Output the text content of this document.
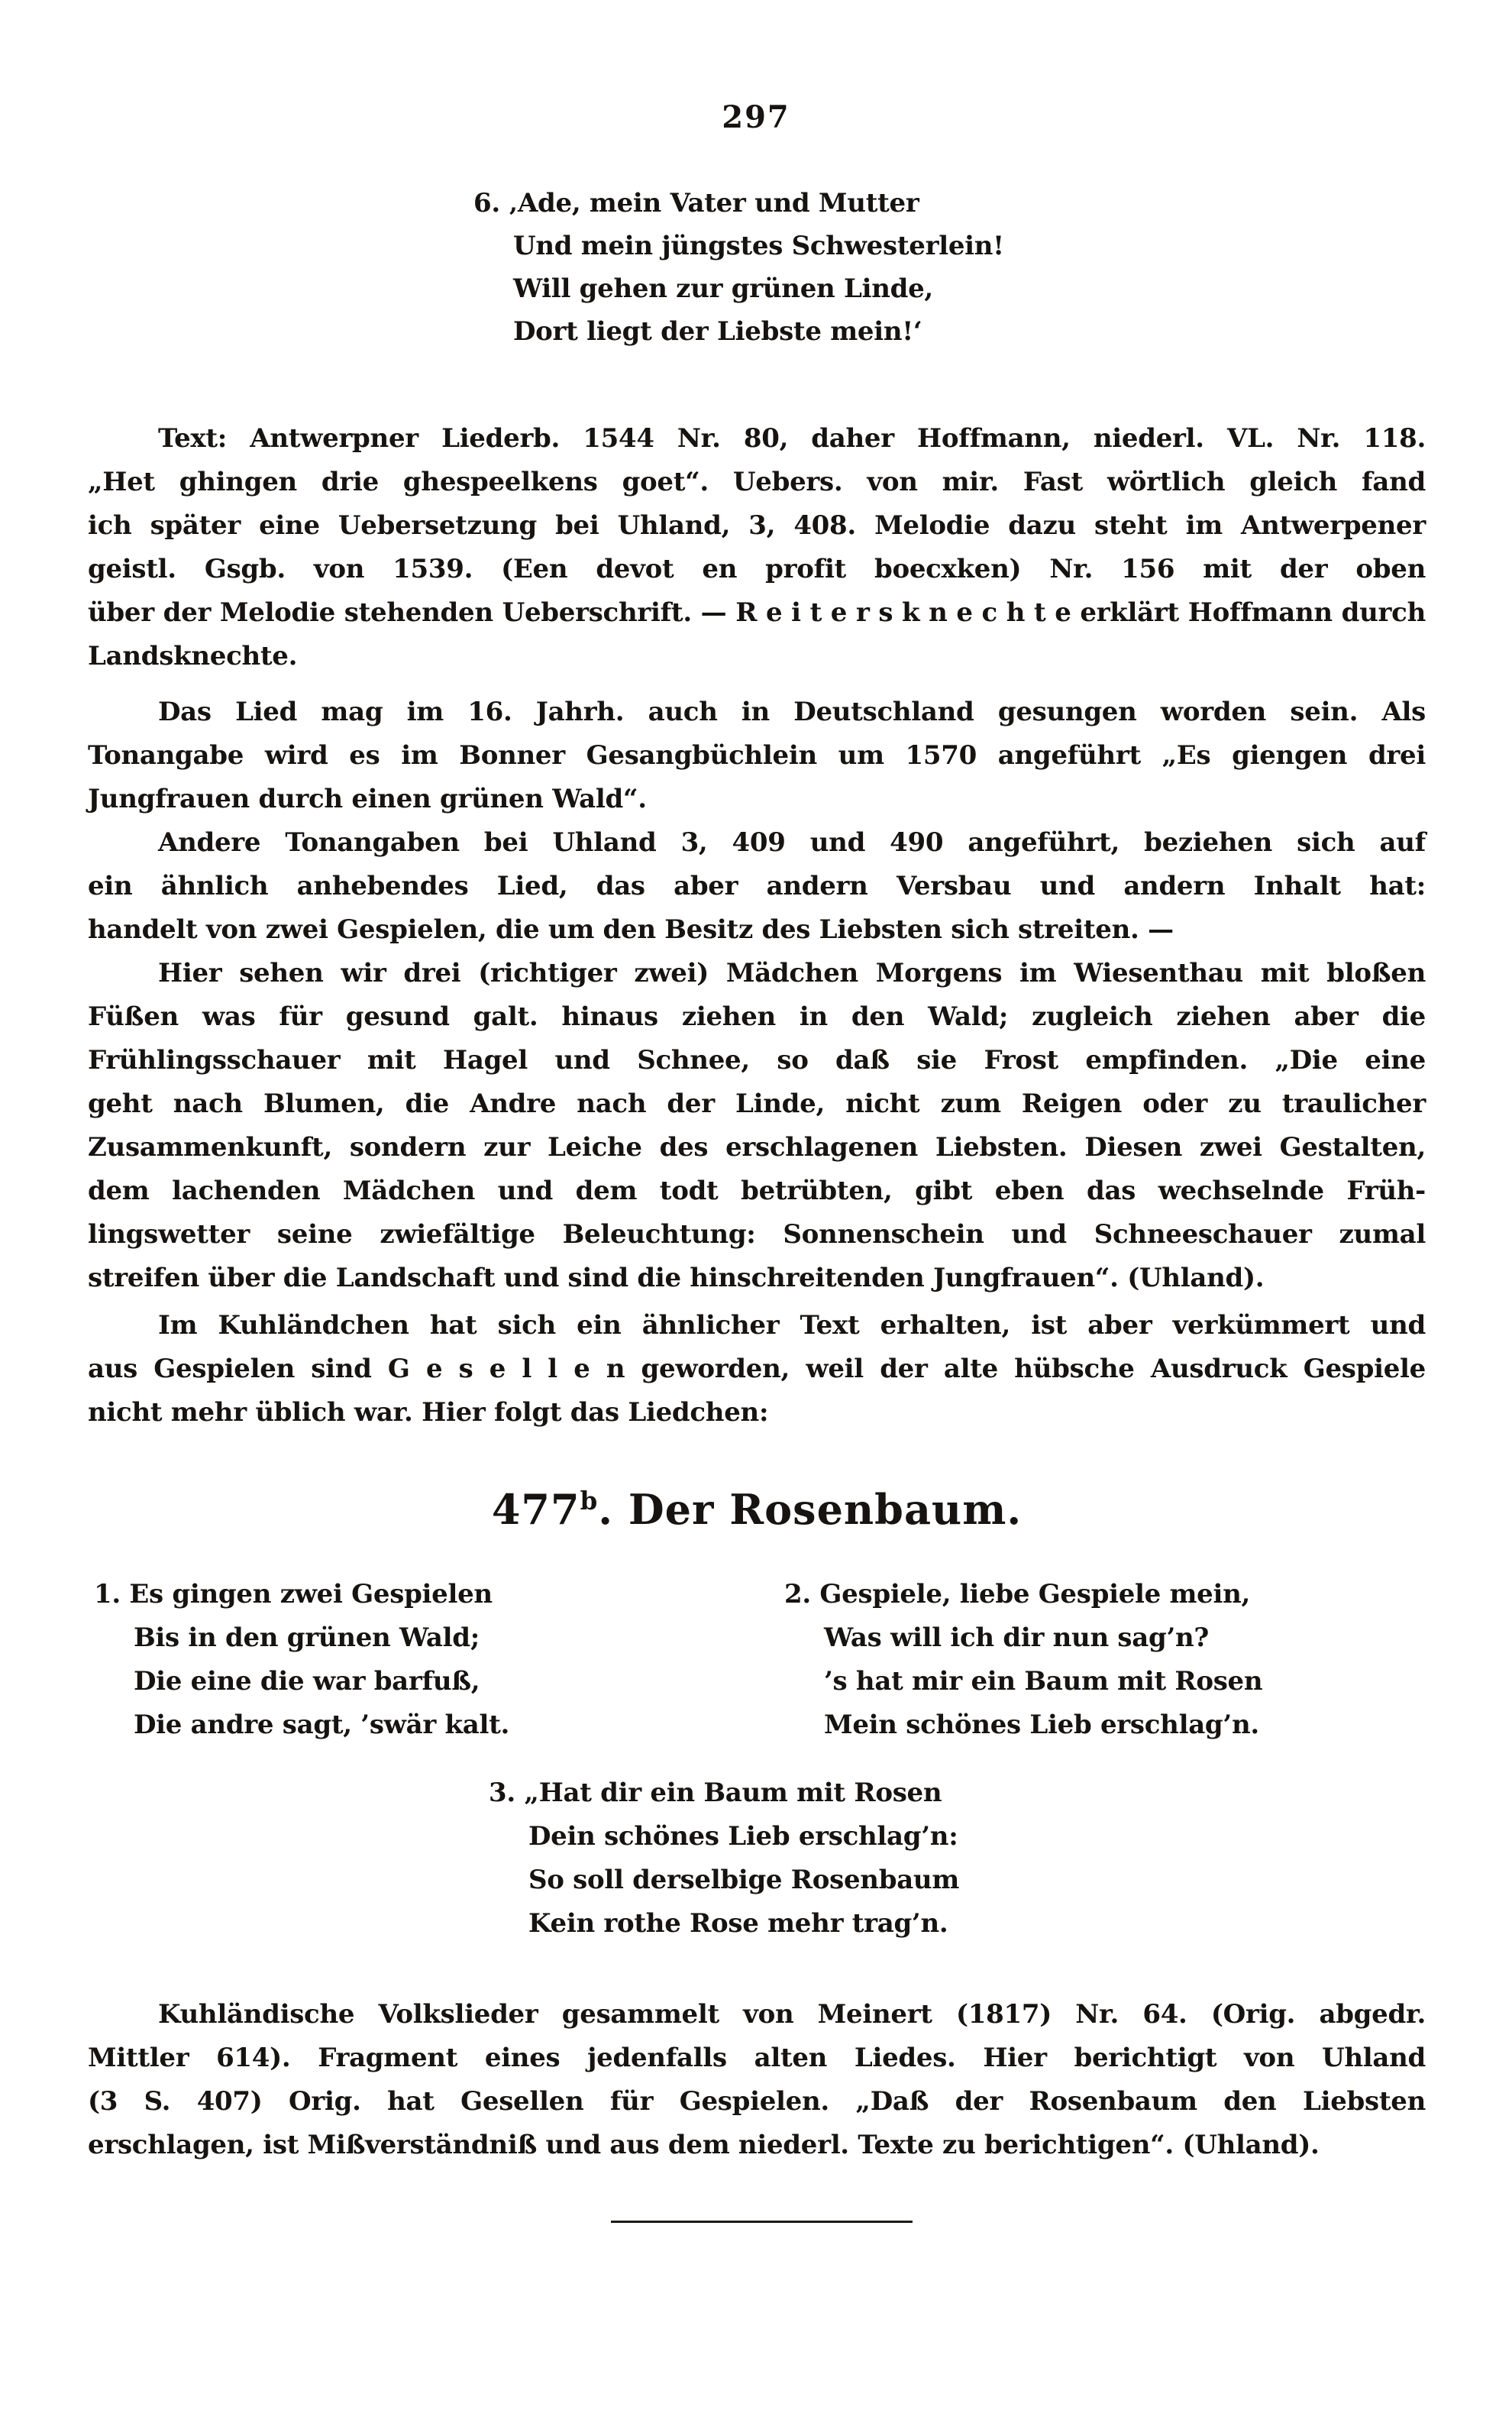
297
6. ‚Ade, mein Vater und Mutter
Und mein jüngstes Schwesterlein!
Will gehen zur grünen Linde,
Dort liegt der Liebste mein!‘
Text: Antwerpner Liederb. 1544 Nr. 80, daher Hoffmann, niederl. VL. Nr. 118.
„Het ghingen drie ghespeelkens goet“. Uebers. von mir. Fast wörtlich gleich fand
ich später eine Uebersetzung bei Uhland, 3, 408. Melodie dazu steht im Antwerpener
geistl. Gsgb. von 1539. (Een devot en profit boecxken) Nr. 156 mit der oben
über der Melodie stehenden Ueberschrift. — R e i t e r s k n e c h t e erklärt Hoffmann durch
Landsknechte.
Das Lied mag im 16. Jahrh. auch in Deutschland gesungen worden sein. Als
Tonangabe wird es im Bonner Gesangbüchlein um 1570 angeführt „Es giengen drei
Jungfrauen durch einen grünen Wald“.
Andere Tonangaben bei Uhland 3, 409 und 490 angeführt, beziehen sich auf
ein ähnlich anhebendes Lied, das aber andern Versbau und andern Inhalt hat:
handelt von zwei Gespielen, die um den Besitz des Liebsten sich streiten. —
Hier sehen wir drei (richtiger zwei) Mädchen Morgens im Wiesenthau mit bloßen
Füßen was für gesund galt. hinaus ziehen in den Wald; zugleich ziehen aber die
Frühlingsschauer mit Hagel und Schnee, so daß sie Frost empfinden. „Die eine
geht nach Blumen, die Andre nach der Linde, nicht zum Reigen oder zu traulicher
Zusammenkunft, sondern zur Leiche des erschlagenen Liebsten. Diesen zwei Gestalten,
dem lachenden Mädchen und dem todt betrübten, gibt eben das wechselnde Früh-
lingswetter seine zwiefältige Beleuchtung: Sonnenschein und Schneeschauer zumal
streifen über die Landschaft und sind die hinschreitenden Jungfrauen“. (Uhland).
Im Kuhländchen hat sich ein ähnlicher Text erhalten, ist aber verkümmert und
aus Gespielen sind G e s e l l e n geworden, weil der alte hübsche Ausdruck Gespiele
nicht mehr üblich war. Hier folgt das Liedchen:
477$^b$. Der Rosenbaum.
1. Es gingen zwei Gespielen
Bis in den grünen Wald;
Die eine die war barfuß,
Die andre sagt, ’swär kalt.
2. Gespiele, liebe Gespiele mein,
Was will ich dir nun sag’n?
’s hat mir ein Baum mit Rosen
Mein schönes Lieb erschlag’n.
3. „Hat dir ein Baum mit Rosen
Dein schönes Lieb erschlag’n:
So soll derselbige Rosenbaum
Kein rothe Rose mehr trag’n.
Kuhländische Volkslieder gesammelt von Meinert (1817) Nr. 64. (Orig. abgedr.
Mittler 614). Fragment eines jedenfalls alten Liedes. Hier berichtigt von Uhland
(3 S. 407) Orig. hat Gesellen für Gespielen. „Daß der Rosenbaum den Liebsten
erschlagen, ist Mißverständniß und aus dem niederl. Texte zu berichtigen“. (Uhland).
